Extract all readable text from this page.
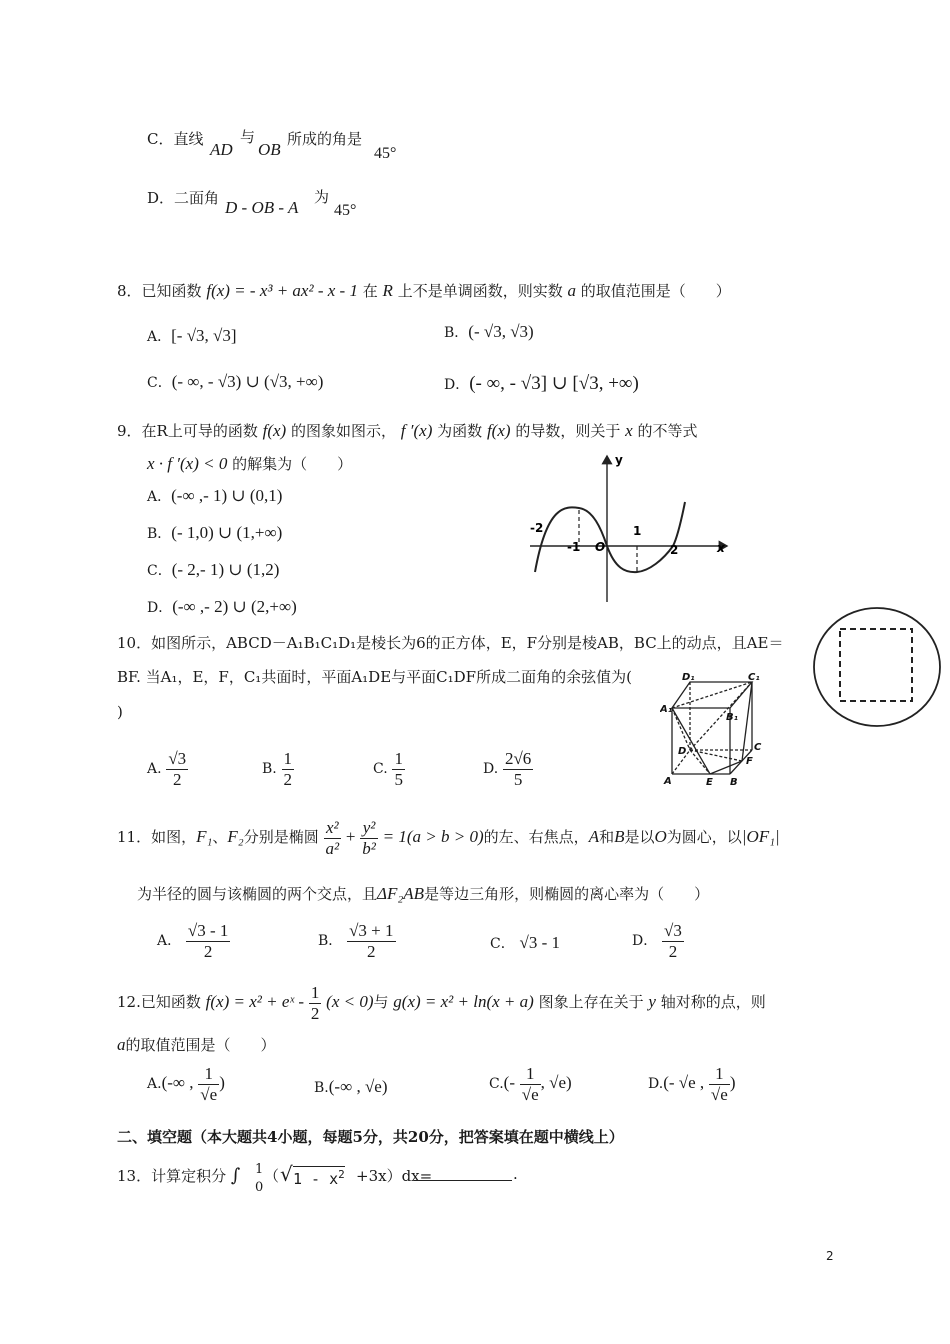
C．直线
AD
与
OB
所成的角是
45°
D．二面角 D - OB - A
为
45°
8．已知函数 f(x) = - x³ + ax² - x - 1 在 R 上不是单调函数，则实数 a 的取值范围是（　　）
A．[- √3, √3]	B．(- √3, √3)
C．(- ∞, - √3) ∪ (√3, +∞)	D．(- ∞, - √3] ∪ [√3, +∞)
9．在R上可导的函数 f(x) 的图象如图示， f ′(x) 为函数 f(x) 的导数，则关于 x 的不等式
x · f ′(x) < 0 的解集为（　　）
A．(-∞ ,- 1) ∪ (0,1)
B．(- 1,0) ∪ (1,+∞)
C．(- 2,- 1) ∪ (1,2)
D．(-∞ ,- 2) ∪ (2,+∞)
y
x
O
-2
-1
1
2
10．如图所示，ABCD－A₁B₁C₁D₁是棱长为6的正方体，E，F分别是棱AB，BC上的动点，且AE＝
BF. 当A₁，E，F，C₁共面时，平面A₁DE与平面C₁DF所成二面角的余弦值为(
)
A. $\frac{√3}{2}$	B. $\frac{1}{2}$	C. $\frac{1}{5}$	D. $\frac{2√6}{5}$
D₁	C₁
A₁
B₁
D	C
F
A	E B
11．如图，F₁、F₂分别是椭圆 $\frac{\text{x²}}{\text{a²}} + \frac{\text{y²}}{\text{b²}} = 1(a > b > 0)$的左、右焦点，A和B是以O为圆心，以|OF₁|
为半径的圆与该椭圆的两个交点，且ΔF₂AB是等边三角形，则椭圆的离心率为（　　）
A． $\frac{√3 - 1}{2}$	B． $\frac{√3 + 1}{2}$	C． √3 - 1	D． $\frac{√3}{2}$
12.已知函数 f(x) = x² + eˣ - $\frac{1}{2} (x < 0)$与 g(x) = x² + ln(x + a) 图象上存在关于 y 轴对称的点，则
a的取值范围是（　　）
A.(-∞ , $\frac{1}{√e}$ )	B.(-∞ , √e)	$C.(- \frac{1}{√e}$ , √e)	D.(- √e , $\frac{1}{√e}$ )
二、填空题（本大题共4小题，每题5分，共20分，把答案填在题中横线上）
13．计算定积分 ∫ 1
0
（ √ $1 - x^2 +3x)dx=$	.
2
